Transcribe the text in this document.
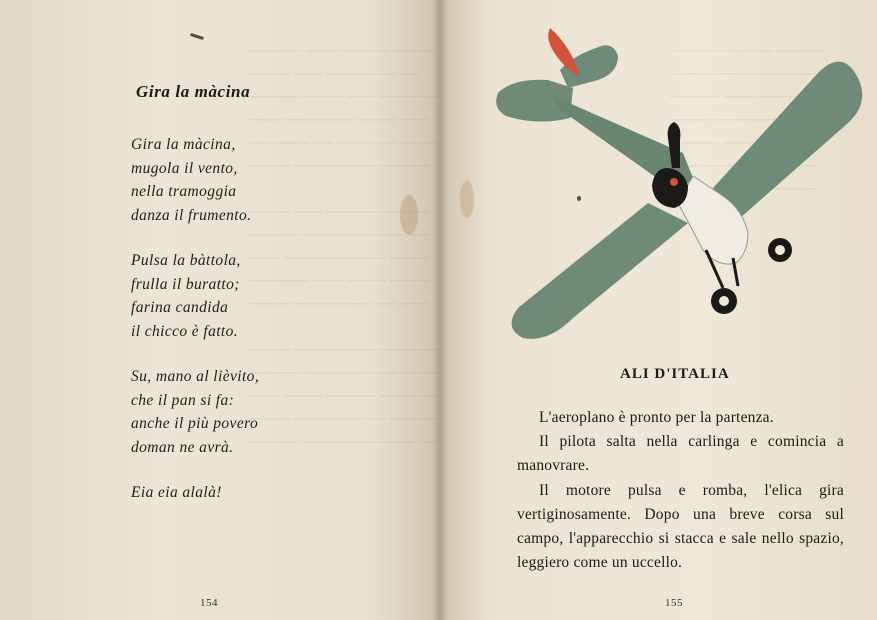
─────  ─── ───── ────
──── ─── ─────── ──
───── ──── ─── ──────
─── ─────── ──── ───
────── ── ────── ────
──── ───── ─── ─────

──── ─── ──── ──────
───── ──── ────── ──
─── ────── ──── ────
────── ─── ──── ────
──── ──────── ── ───

──── ───── ─── ──────
───── ────── ─── ────
─── ──── ───── ──────
──── ─────── ── ─────
───── ──── ─────── ──
Gira la màcina
Gira la màcina,
mugola il vento,
nella tramoggia
danza il frumento.
Pulsa la bàttola,
frulla il buratto;
farina candida
il chicco è fatto.
Su, mano al lièvito,
che il pan si fa:
anche il più povero
doman ne avrà.
Eia eia alalà!
154
─────── ─── ─────
──── ─────── ───
───── ─── ───────
──── ────────
───── ────

──────
ALI D'ITALIA

L'aeroplano è pronto per la partenza.

Il pilota salta nella carlinga e comincia a manovrare.

Il motore pulsa e romba, l'elica gira vertiginosamente. Dopo una breve corsa sul campo, l'apparecchio si stacca e sale nello spazio, leggiero come un uccello.

155
